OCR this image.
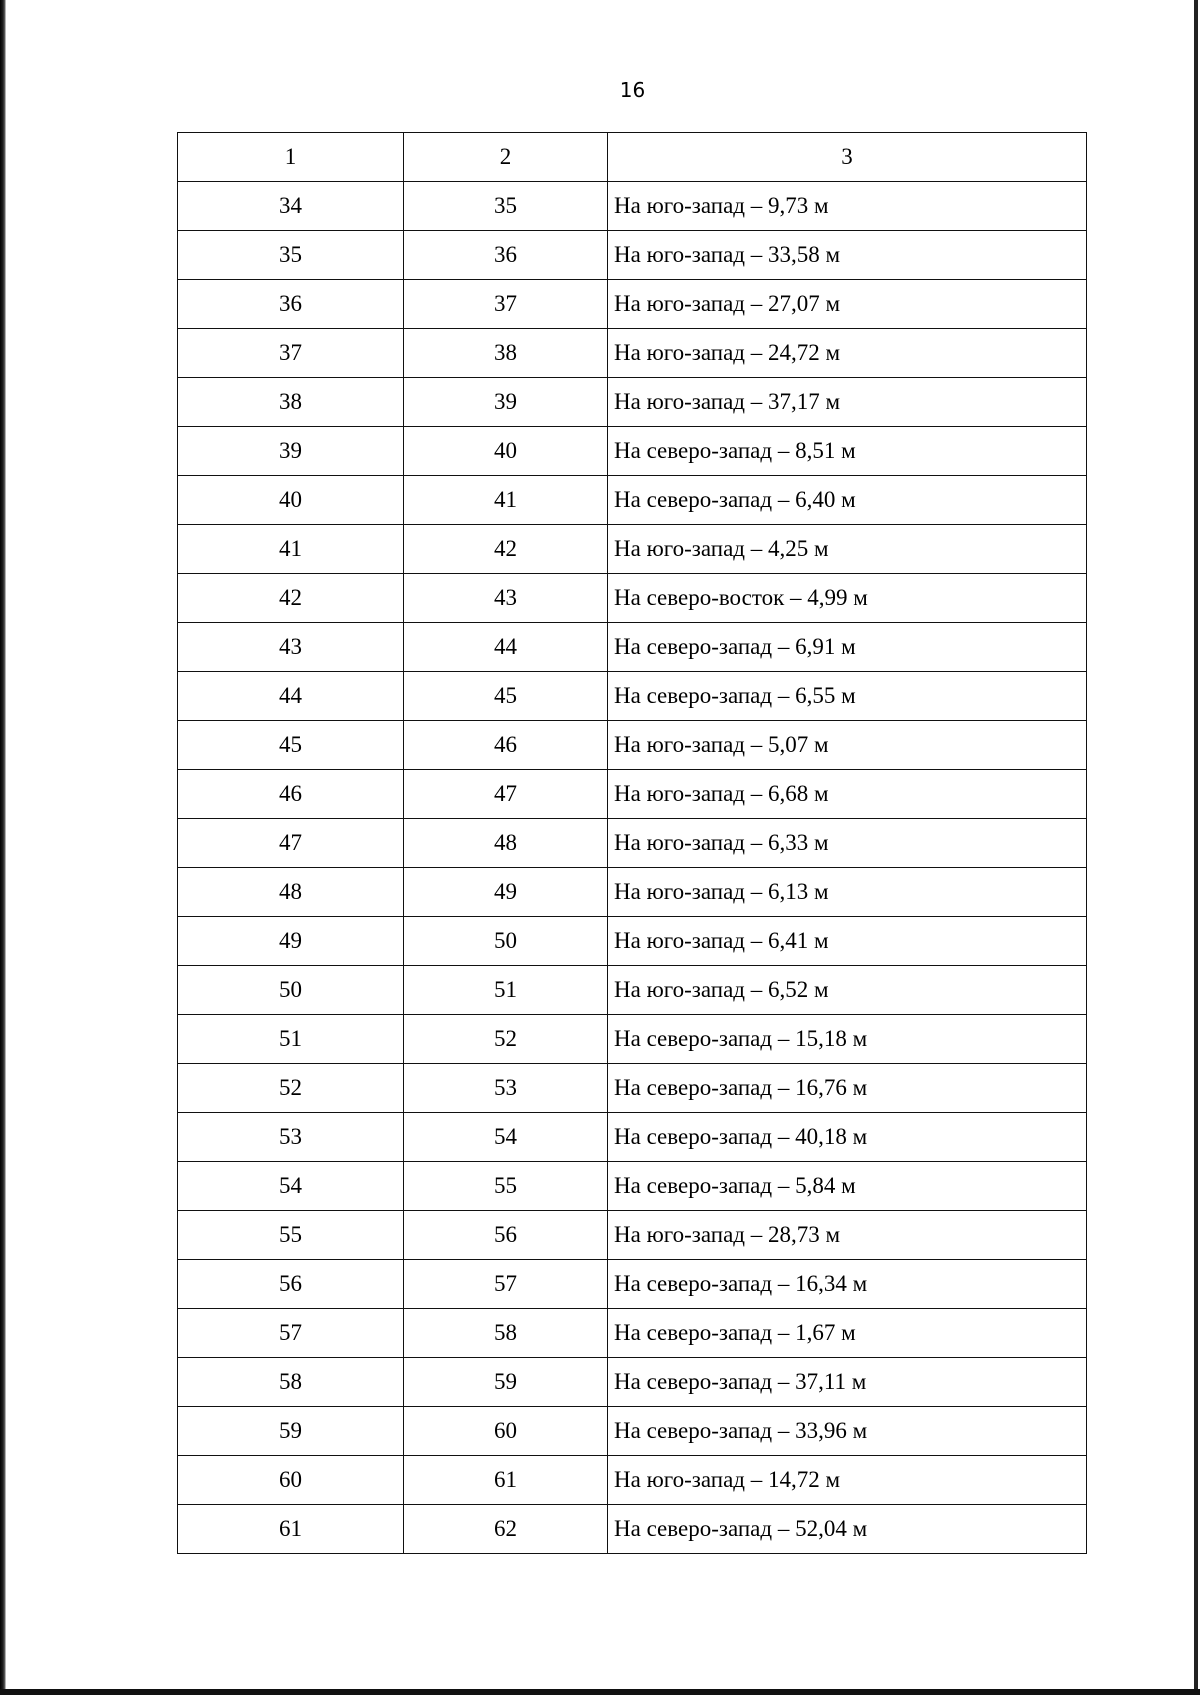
16
1	2	3
34	35	На юго-запад – 9,73 м
35	36	На юго-запад – 33,58 м
36	37	На юго-запад – 27,07 м
37	38	На юго-запад – 24,72 м
38	39	На юго-запад – 37,17 м
39	40	На северо-запад – 8,51 м
40	41	На северо-запад – 6,40 м
41	42	На юго-запад – 4,25 м
42	43	На северо-восток – 4,99 м
43	44	На северо-запад – 6,91 м
44	45	На северо-запад – 6,55 м
45	46	На юго-запад – 5,07 м
46	47	На юго-запад – 6,68 м
47	48	На юго-запад – 6,33 м
48	49	На юго-запад – 6,13 м
49	50	На юго-запад – 6,41 м
50	51	На юго-запад – 6,52 м
51	52	На северо-запад – 15,18 м
52	53	На северо-запад – 16,76 м
53	54	На северо-запад – 40,18 м
54	55	На северо-запад – 5,84 м
55	56	На юго-запад – 28,73 м
56	57	На северо-запад – 16,34 м
57	58	На северо-запад – 1,67 м
58	59	На северо-запад – 37,11 м
59	60	На северо-запад – 33,96 м
60	61	На юго-запад – 14,72 м
61	62	На северо-запад – 52,04 м
